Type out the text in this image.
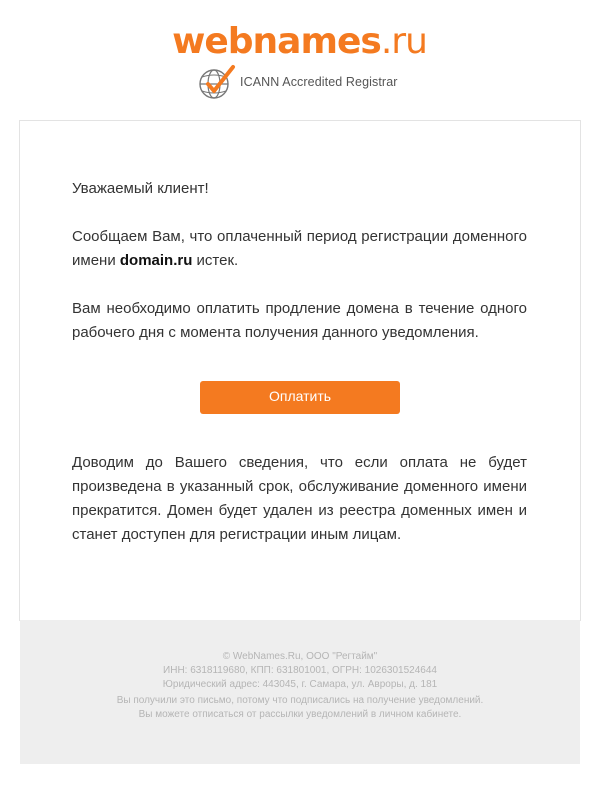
webnames.ru
ICANN Accredited Registrar

Уважаемый клиент!

Сообщаем Вам, что оплаченный период регистрации доменного имени domain.ru истек.

Вам необходимо оплатить продление домена в течение одного рабочего дня с момента получения данного уведомления.

Оплатить

Доводим до Вашего сведения, что если оплата не будет произведена в указанный срок, обслуживание доменного имени прекратится. Домен будет удален из реестра доменных имен и станет доступен для регистрации иным лицам.

© WebNames.Ru, ООО "Регтайм"
ИНН: 6318119680, КПП: 631801001, ОГРН: 1026301524644
Юридический адрес: 443045, г. Самара, ул. Авроры, д. 181
Вы получили это письмо, потому что подписались на получение уведомлений.
Вы можете отписаться от рассылки уведомлений в личном кабинете.
